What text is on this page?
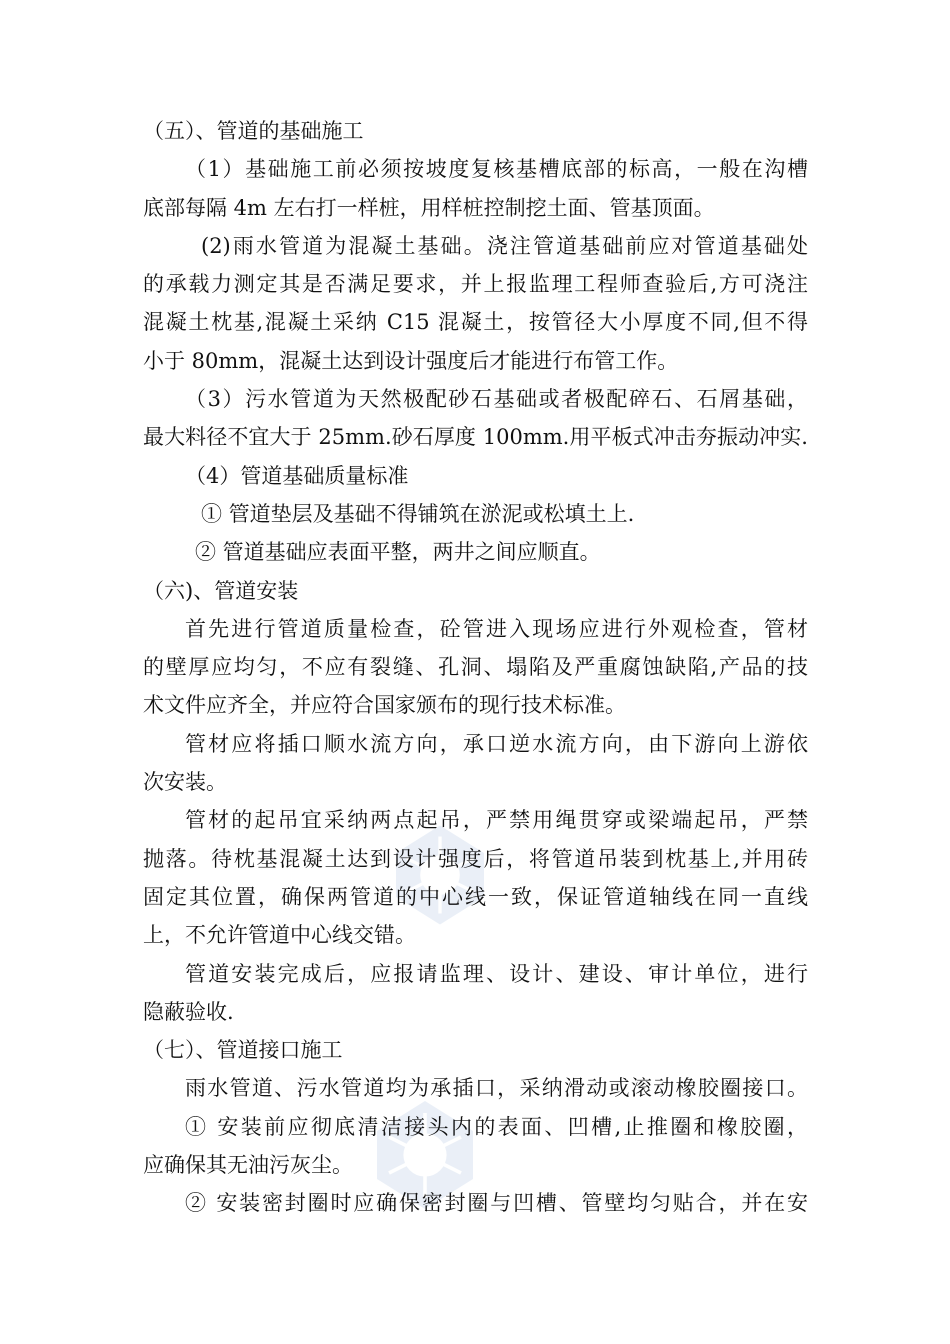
（五）、管道的基础施工
（1）基础施工前必须按坡度复核基槽底部的标高，一般在沟槽
底部每隔 4m 左右打一样桩，用样桩控制挖土面、管基顶面。
(2)雨水管道为混凝土基础。浇注管道基础前应对管道基础处
的承载力测定其是否满足要求，并上报监理工程师查验后,方可浇注
混凝土枕基,混凝土采纳 C15 混凝土，按管径大小厚度不同,但不得
小于 80mm，混凝土达到设计强度后才能进行布管工作。
（3）污水管道为天然极配砂石基础或者极配碎石、石屑基础，
最大料径不宜大于 25mm.砂石厚度 100mm.用平板式冲击夯振动冲实.
（4）管道基础质量标准
① 管道垫层及基础不得铺筑在淤泥或松填土上.
② 管道基础应表面平整，两井之间应顺直。
（六)、管道安装
首先进行管道质量检查，砼管进入现场应进行外观检查，管材
的壁厚应均匀，不应有裂缝、孔洞、塌陷及严重腐蚀缺陷,产品的技
术文件应齐全，并应符合国家颁布的现行技术标准。
管材应将插口顺水流方向，承口逆水流方向，由下游向上游依
次安装。
管材的起吊宜采纳两点起吊，严禁用绳贯穿或梁端起吊，严禁
抛落。待枕基混凝土达到设计强度后，将管道吊装到枕基上,并用砖
固定其位置，确保两管道的中心线一致，保证管道轴线在同一直线
上，不允许管道中心线交错。
管道安装完成后，应报请监理、设计、建设、审计单位，进行
隐蔽验收.
（七）、管道接口施工
雨水管道、污水管道均为承插口，采纳滑动或滚动橡胶圈接口。
① 安装前应彻底清洁接头内的表面、凹槽,止推圈和橡胶圈，
应确保其无油污灰尘。
② 安装密封圈时应确保密封圈与凹槽、管壁均匀贴合，并在安
